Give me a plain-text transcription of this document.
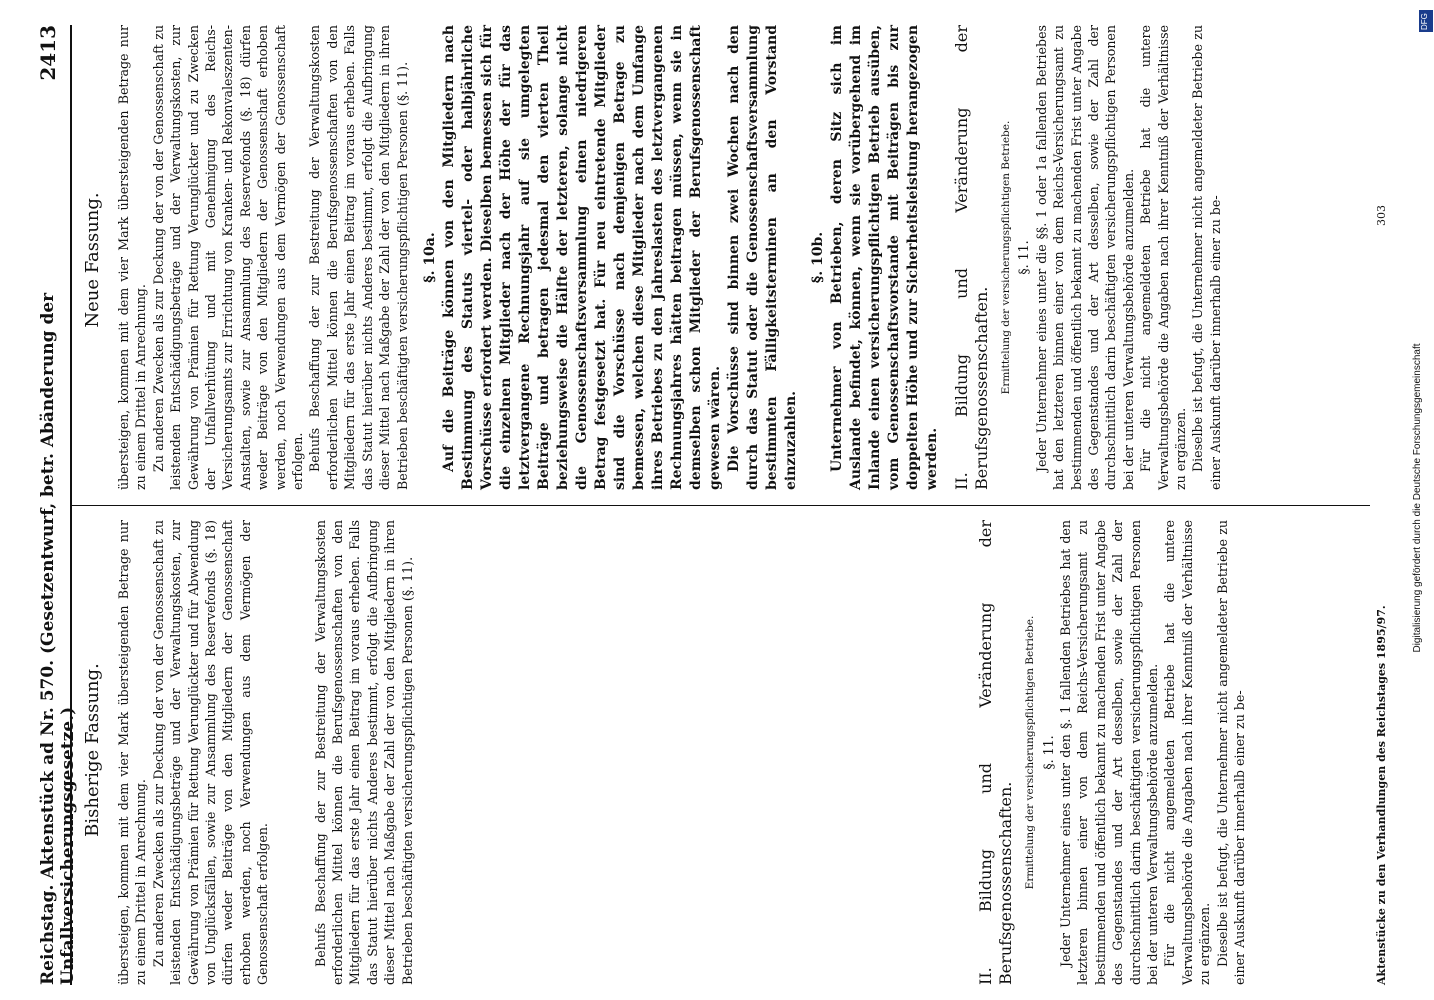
Reichstag. Aktenstück ad Nr. 570. (Gesetzentwurf, betr. Abänderung der Unfallversicherungsgesetze.)
2413
Bisherige Fassung.
Neue Fassung.

übersteigen, kommen mit dem vier Mark übersteigenden Betrage nur zu einem Drittel in Anrechnung. Zu anderen Zwecken als zur Deckung der von der Genossenschaft zu leistenden Entschädigungsbeträge und der Verwaltungskosten, zur Gewährung von Prämien für Rettung Verunglückter und für Abwendung von Unglücksfällen, sowie zur Ansammlung des Reservefonds (§. 18) dürfen weder Beiträge von den Mitgliedern der Genossenschaft erhoben werden, noch Verwendungen aus dem Vermögen der Genossenschaft erfolgen.	Behufs Beschaffung der zur Bestreitung der Verwaltungskosten erforderlichen Mittel können die Berufsgenossenschaften von den Mitgliedern für das erste Jahr einen Beitrag im voraus erheben. Falls das Statut hierüber nichts Anderes bestimmt, erfolgt die Aufbringung dieser Mittel nach Maßgabe der Zahl der von den Mitgliedern in ihren Betrieben beschäftigten versicherungspflichtigen Personen (§. 11).	II. Bildung und Veränderung der Berufsgenossenschaften. Ermittelung der versicherungspflichtigen Betriebe. §. 11. Jeder Unternehmer eines unter den §. 1 fallenden Betriebes hat den letzteren binnen einer von dem Reichs-Versicherungsamt zu bestimmenden und öffentlich bekannt zu machenden Frist unter Angabe des Gegenstandes und der Art desselben, sowie der Zahl der durchschnittlich darin beschäftigten versicherungspflichtigen Personen bei der unteren Verwaltungsbehörde anzumelden. Für die nicht angemeldeten Betriebe hat die untere Verwaltungsbehörde die Angaben nach ihrer Kenntniß der Verhältnisse zu ergänzen. Dieselbe ist befugt, die Unternehmer nicht angemeldeter Betriebe zu einer Auskunft darüber innerhalb einer zu be-

übersteigen, kommen mit dem vier Mark übersteigenden Betrage nur zu einem Drittel in Anrechnung. Zu anderen Zwecken als zur Deckung der von der Genossenschaft zu leistenden Entschädigungsbeträge und der Verwaltungskosten, zur Gewährung von Prämien für Rettung Verunglückter und zu Zwecken der Unfallverhütung und mit Genehmigung des Reichs-Versicherungsamts zur Errichtung von Kranken- und Rekonvaleszenten-Anstalten, sowie zur Ansammlung des Reservefonds (§. 18) dürfen weder Beiträge von den Mitgliedern der Genossenschaft erhoben werden, noch Verwendungen aus dem Vermögen der Genossenschaft erfolgen. Behufs Beschaffung der zur Bestreitung der Verwaltungskosten erforderlichen Mittel können die Berufsgenossenschaften von den Mitgliedern für das erste Jahr einen Beitrag im voraus erheben. Falls das Statut hierüber nichts Anderes bestimmt, erfolgt die Aufbringung dieser Mittel nach Maßgabe der Zahl der von den Mitgliedern in ihren Betrieben beschäftigten versicherungspflichtigen Personen (§. 11). §. 10a. Auf die Beiträge können von den Mitgliedern nach Bestimmung des Statuts viertel- oder halbjährliche Vorschüsse erfordert werden. Dieselben bemessen sich für die einzelnen Mitglieder nach der Höhe der für das letztvergangene Rechnungsjahr auf sie umgelegten Beiträge und betragen jedesmal den vierten Theil beziehungsweise die Hälfte der letzteren, solange nicht die Genossenschaftsversammlung einen niedrigeren Betrag festgesetzt hat. Für neu eintretende Mitglieder sind die Vorschüsse nach demjenigen Betrage zu bemessen, welchen diese Mitglieder nach dem Umfange ihres Betriebes zu den Jahreslasten des letztvergangenen Rechnungsjahres hätten beitragen müssen, wenn sie in demselben schon Mitglieder der Berufsgenossenschaft gewesen wären. Die Vorschüsse sind binnen zwei Wochen nach den durch das Statut oder die Genossenschaftsversammlung bestimmten Fälligkeitsterminen an den Vorstand einzuzahlen.

§. 10b. Unternehmer von Betrieben, deren Sitz sich im Auslande befindet, können, wenn sie vorübergehend im Inlande einen versicherungspflichtigen Betrieb ausüben, vom Genossenschaftsvorstande mit Beiträgen bis zur doppelten Höhe und zur Sicherheitsleistung herangezogen werden. II. Bildung und Veränderung der Berufsgenossenschaften. Ermittelung der versicherungspflichtigen Betriebe. §. 11. Jeder Unternehmer eines unter die §§. 1 oder 1a fallenden Betriebes hat den letzteren binnen einer von dem Reichs-Versicherungsamt zu bestimmenden und öffentlich bekannt zu machenden Frist unter Angabe des Gegenstandes und der Art desselben, sowie der Zahl der durchschnittlich darin beschäftigten versicherungspflichtigen Personen bei der unteren Verwaltungsbehörde anzumelden. Für die nicht angemeldeten Betriebe hat die untere Verwaltungsbehörde die Angaben nach ihrer Kenntniß der Verhältnisse zu ergänzen. Dieselbe ist befugt, die Unternehmer nicht angemeldeter Betriebe zu einer Auskunft darüber innerhalb einer zu be-

Aktenstücke zu den Verhandlungen des Reichstages 1895/97.
303
DFG
Digitalisierung gefördert durch die Deutsche Forschungsgemeinschaft
